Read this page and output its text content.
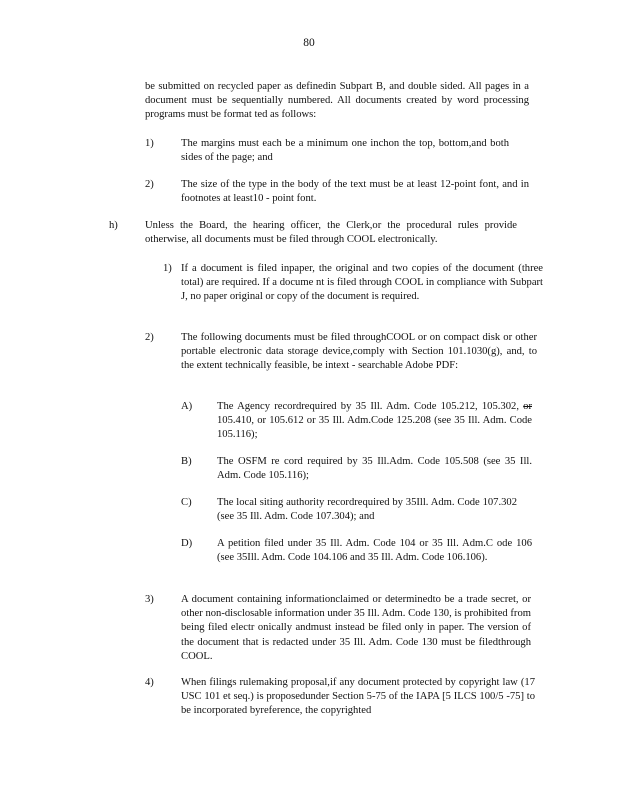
80
be submitted on recycled paper as definedin Subpart B, and double sided. All pages in a document must be sequentially numbered. All documents created by word processing programs must be format ted as follows:
1)	The margins must each be a minimum one inchon the top, bottom,and both sides of the page; and
2)	The size of the type in the body of the text must be at least 12-point font, and in footnotes at least10 - point font.
h)	Unless the Board, the hearing officer, the Clerk,or the procedural rules provide otherwise, all documents must be filed through COOL electronically.
1) If a document is filed inpaper, the original and two copies of the document (three total) are required. If a docume nt is filed through COOL in compliance with Subpart J, no paper original or copy of the document is required.
2)	The following documents must be filed throughCOOL or on compact disk or other portable electronic data storage device,comply with Section 101.1030(g), and, to the extent technically feasible, be intext - searchable Adobe PDF:
A) The Agency recordrequired by 35 Ill. Adm. Code 105.212, 105.302, or 105.410, or 105.612 or 35 Ill. Adm.Code 125.208 (see 35 Ill. Adm. Code 105.116);
B) The OSFM re cord required by 35 Ill.Adm. Code 105.508 (see 35 Ill. Adm. Code 105.116);
C) The local siting authority recordrequired by 35Ill. Adm. Code 107.302 (see 35 Ill. Adm. Code 107.304); and
D) A petition filed under 35 Ill. Adm. Code 104 or 35 Ill. Adm.C ode 106 (see 35Ill. Adm. Code 104.106 and 35 Ill. Adm. Code 106.106).
3)	A document containing informationclaimed or determinedto be a trade secret, or other non-disclosable information under 35 Ill. Adm. Code 130, is prohibited from being filed electr onically andmust instead be filed only in paper. The version of the document that is redacted under 35 Ill. Adm. Code 130 must be filedthrough COOL.
4)	When filings rulemaking proposal,if any document protected by copyright law (17 USC 101 et seq.) is proposedunder Section 5-75 of the IAPA [5 ILCS 100/5 -75] to be incorporated byreference, the copyrighted
